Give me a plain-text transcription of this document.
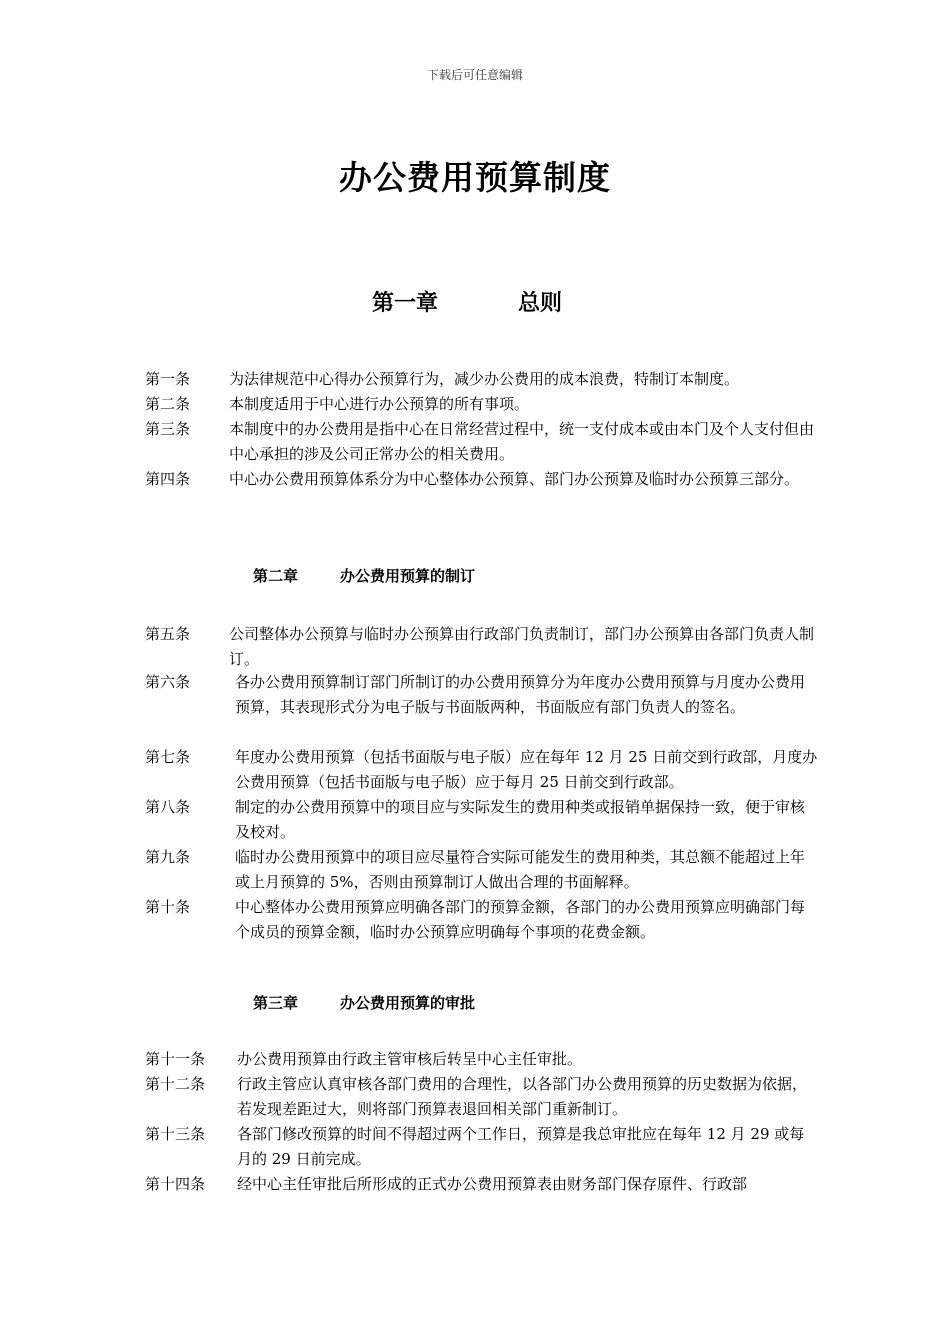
下载后可任意编辑
办公费用预算制度
第一章	总则
第一条	为法律规范中心得办公预算行为，减少办公费用的成本浪费，特制订本制度。
第二条	本制度适用于中心进行办公预算的所有事项。
第三条	本制度中的办公费用是指中心在日常经营过程中，统一支付成本或由本门及个人支付但由中心承担的涉及公司正常办公的相关费用。
第四条	中心办公费用预算体系分为中心整体办公预算、部门办公预算及临时办公预算三部分。
第二章	办公费用预算的制订
第五条	公司整体办公预算与临时办公预算由行政部门负责制订，部门办公预算由各部门负责人制订。
第六条	各办公费用预算制订部门所制订的办公费用预算分为年度办公费用预算与月度办公费用预算，其表现形式分为电子版与书面版两种，书面版应有部门负责人的签名。
第七条	年度办公费用预算（包括书面版与电子版）应在每年 12 月 25 日前交到行政部，月度办公费用预算（包括书面版与电子版）应于每月 25 日前交到行政部。
第八条	制定的办公费用预算中的项目应与实际发生的费用种类或报销单据保持一致，便于审核及校对。
第九条	临时办公费用预算中的项目应尽量符合实际可能发生的费用种类，其总额不能超过上年或上月预算的 5%，否则由预算制订人做出合理的书面解释。
第十条	中心整体办公费用预算应明确各部门的预算金额，各部门的办公费用预算应明确部门每个成员的预算金额，临时办公预算应明确每个事项的花费金额。
第三章	办公费用预算的审批
第十一条 办公费用预算由行政主管审核后转呈中心主任审批。
第十二条 行政主管应认真审核各部门费用的合理性，以各部门办公费用预算的历史数据为依据，若发现差距过大，则将部门预算表退回相关部门重新制订。
第十三条 各部门修改预算的时间不得超过两个工作日，预算是我总审批应在每年 12 月 29 或每月的 29 日前完成。
第十四条 经中心主任审批后所形成的正式办公费用预算表由财务部门保存原件、行政部
